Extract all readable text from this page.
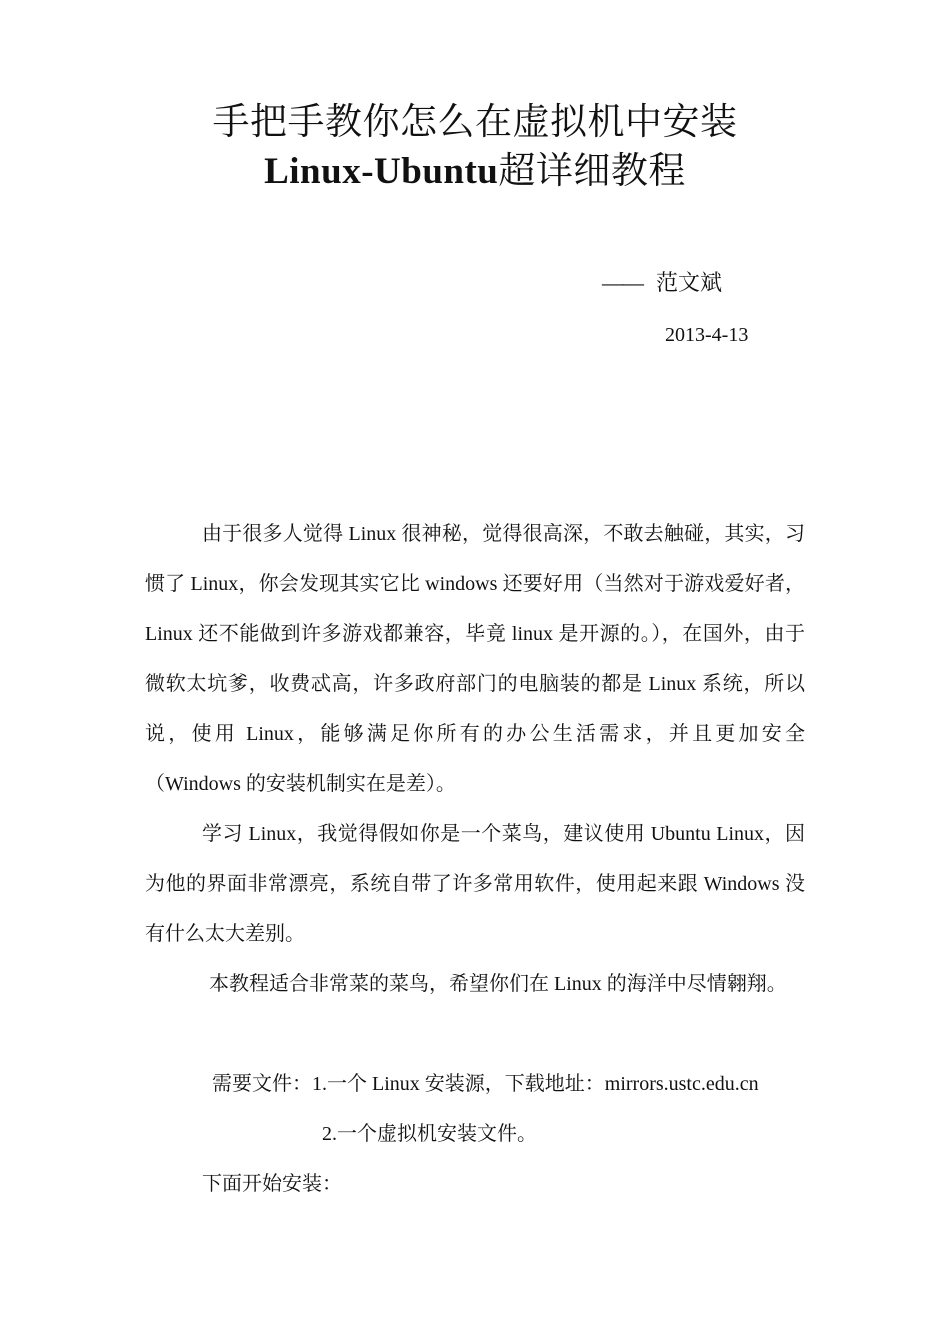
手把手教你怎么在虚拟机中安装
Linux-Ubuntu超详细教程
—— 范文斌
2013-4-13

由于很多人觉得 Linux 很神秘，觉得很高深，不敢去触碰，其实，习惯了 Linux，你会发现其实它比 windows 还要好用（当然对于游戏爱好者，Linux 还不能做到许多游戏都兼容，毕竟 linux 是开源的。），在国外，由于微软太坑爹，收费忒高，许多政府部门的电脑装的都是 Linux 系统，所以说，使用 Linux，能够满足你所有的办公生活需求，并且更加安全（Windows 的安装机制实在是差）。

学习 Linux，我觉得假如你是一个菜鸟，建议使用 Ubuntu Linux，因为他的界面非常漂亮，系统自带了许多常用软件，使用起来跟 Windows 没有什么太大差别。

本教程适合非常菜的菜鸟，希望你们在 Linux 的海洋中尽情翱翔。

需要文件：1.一个 Linux 安装源，下载地址：mirrors.ustc.edu.cn

2.一个虚拟机安装文件。

下面开始安装：
